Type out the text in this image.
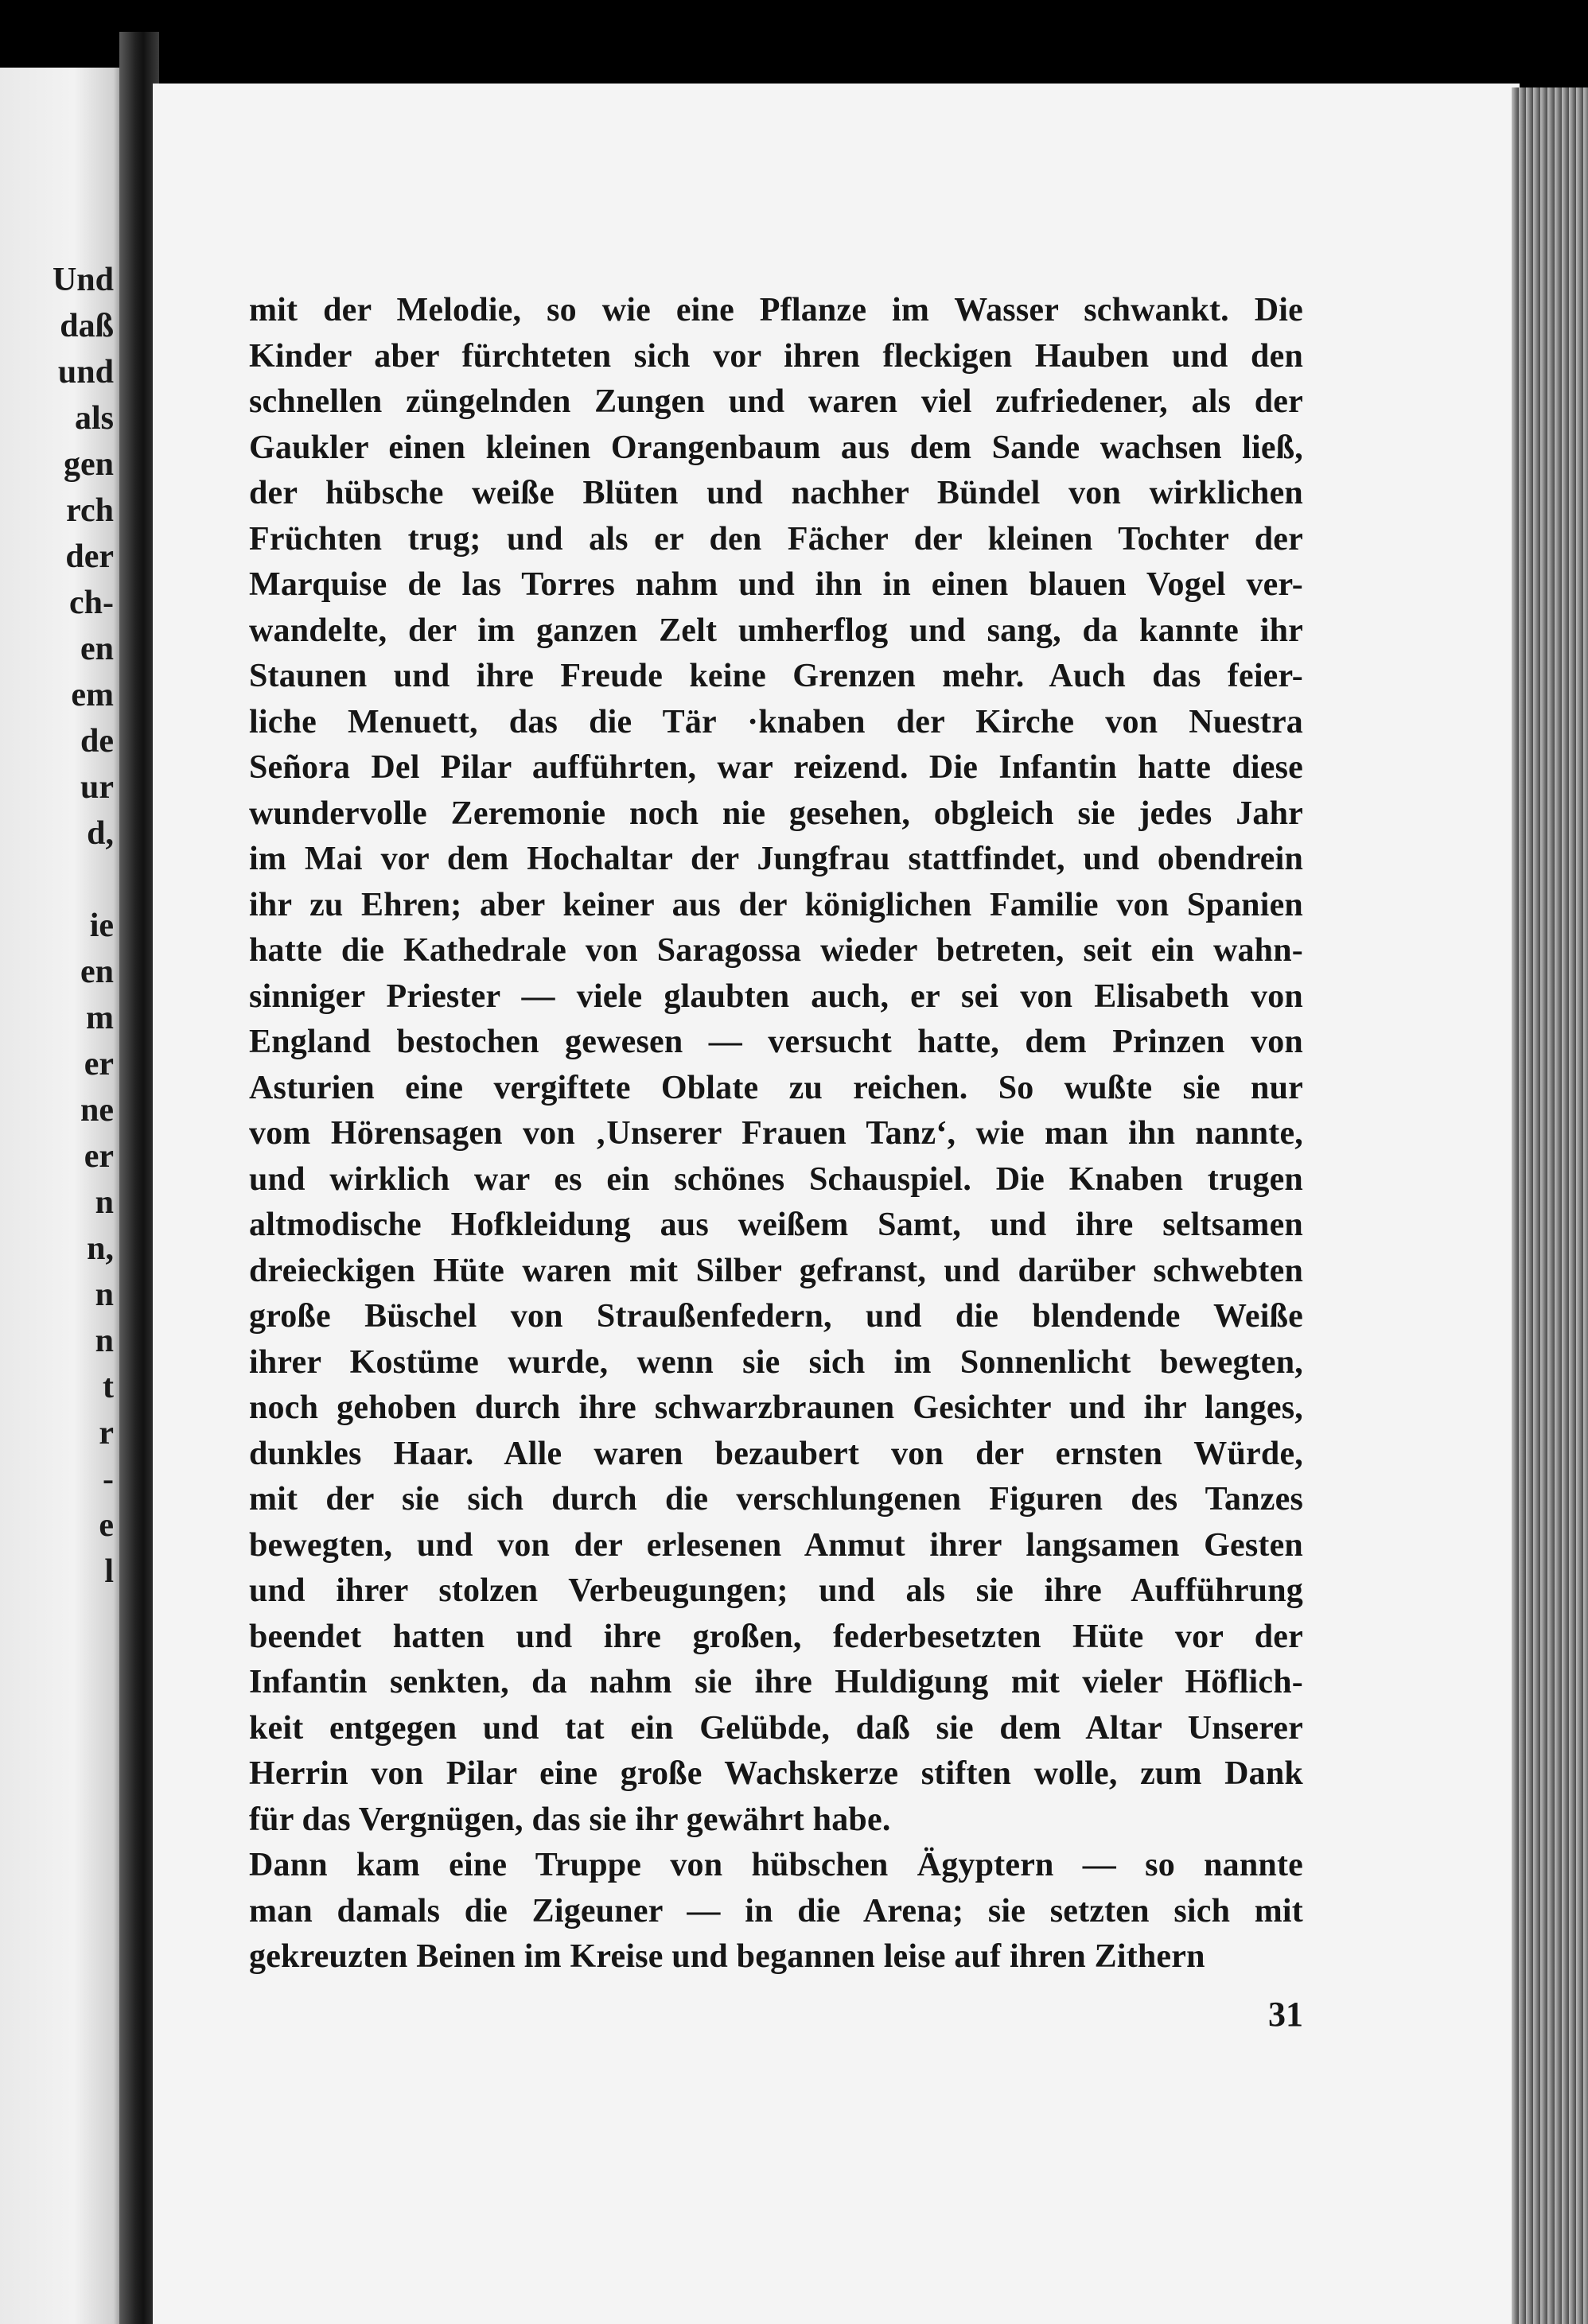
Und
daß
und
als
gen
rch
der
ch-
en
em
de
ur
d,
ie
en
m
er
ne
er
n
n,
n
n
t
r
-
e
l
mit der Melodie, so wie eine Pflanze im Wasser schwankt. Die
Kinder aber fürchteten sich vor ihren fleckigen Hauben und den
schnellen züngelnden Zungen und waren viel zufriedener, als der
Gaukler einen kleinen Orangenbaum aus dem Sande wachsen ließ,
der hübsche weiße Blüten und nachher Bündel von wirklichen
Früchten trug; und als er den Fächer der kleinen Tochter der
Marquise de las Torres nahm und ihn in einen blauen Vogel ver-
wandelte, der im ganzen Zelt umherflog und sang, da kannte ihr
Staunen und ihre Freude keine Grenzen mehr. Auch das feier-
liche Menuett, das die Tär ·knaben der Kirche von Nuestra
Señora Del Pilar aufführten, war reizend. Die Infantin hatte diese
wundervolle Zeremonie noch nie gesehen, obgleich sie jedes Jahr
im Mai vor dem Hochaltar der Jungfrau stattfindet, und obendrein
ihr zu Ehren; aber keiner aus der königlichen Familie von Spanien
hatte die Kathedrale von Saragossa wieder betreten, seit ein wahn-
sinniger Priester — viele glaubten auch, er sei von Elisabeth von
England bestochen gewesen — versucht hatte, dem Prinzen von
Asturien eine vergiftete Oblate zu reichen. So wußte sie nur
vom Hörensagen von ‚Unserer Frauen Tanz‘, wie man ihn nannte,
und wirklich war es ein schönes Schauspiel. Die Knaben trugen
altmodische Hofkleidung aus weißem Samt, und ihre seltsamen
dreieckigen Hüte waren mit Silber gefranst, und darüber schwebten
große Büschel von Straußenfedern, und die blendende Weiße
ihrer Kostüme wurde, wenn sie sich im Sonnenlicht bewegten,
noch gehoben durch ihre schwarzbraunen Gesichter und ihr langes,
dunkles Haar. Alle waren bezaubert von der ernsten Würde,
mit der sie sich durch die verschlungenen Figuren des Tanzes
bewegten, und von der erlesenen Anmut ihrer langsamen Gesten
und ihrer stolzen Verbeugungen; und als sie ihre Aufführung
beendet hatten und ihre großen, federbesetzten Hüte vor der
Infantin senkten, da nahm sie ihre Huldigung mit vieler Höflich-
keit entgegen und tat ein Gelübde, daß sie dem Altar Unserer
Herrin von Pilar eine große Wachskerze stiften wolle, zum Dank
für das Vergnügen, das sie ihr gewährt habe.
Dann kam eine Truppe von hübschen Ägyptern — so nannte
man damals die Zigeuner — in die Arena; sie setzten sich mit
gekreuzten Beinen im Kreise und begannen leise auf ihren Zithern
31
